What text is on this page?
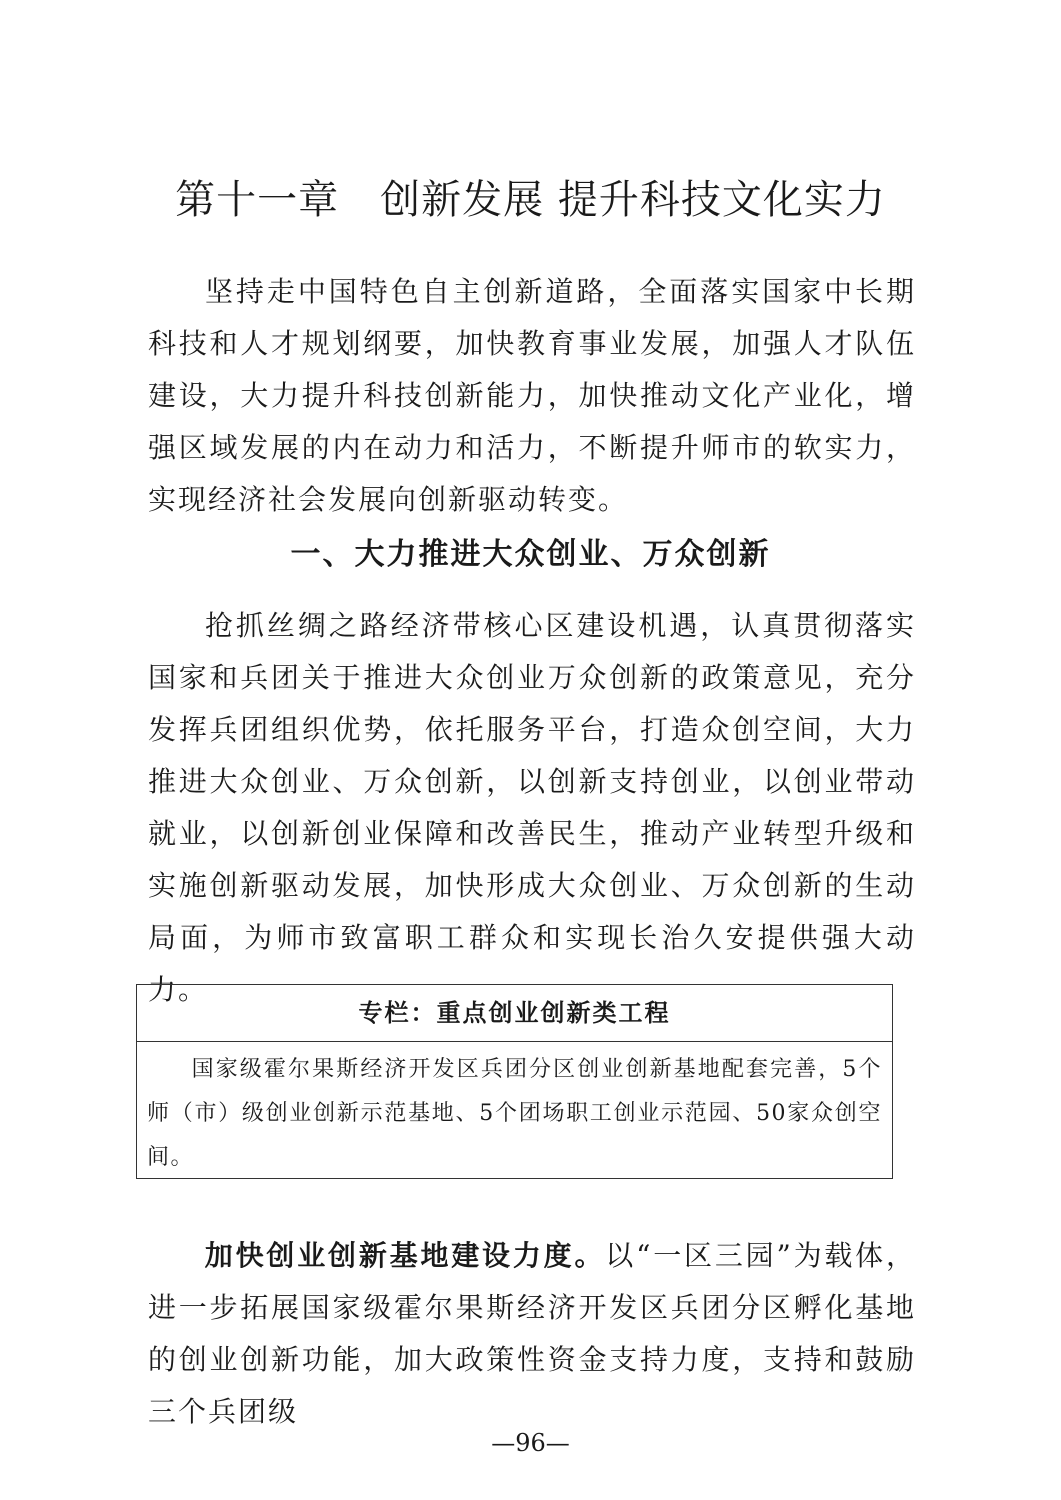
第十一章　创新发展 提升科技文化实力

坚持走中国特色自主创新道路，全面落实国家中长期科技和人才规划纲要，加快教育事业发展，加强人才队伍建设，大力提升科技创新能力，加快推动文化产业化，增强区域发展的内在动力和活力，不断提升师市的软实力，实现经济社会发展向创新驱动转变。

一、大力推进大众创业、万众创新

抢抓丝绸之路经济带核心区建设机遇，认真贯彻落实国家和兵团关于推进大众创业万众创新的政策意见，充分发挥兵团组织优势，依托服务平台，打造众创空间，大力推进大众创业、万众创新，以创新支持创业，以创业带动就业，以创新创业保障和改善民生，推动产业转型升级和实施创新驱动发展，加快形成大众创业、万众创新的生动局面，为师市致富职工群众和实现长治久安提供强大动力。

专栏：重点创业创新类工程
国家级霍尔果斯经济开发区兵团分区创业创新基地配套完善，5个师（市）级创业创新示范基地、5个团场职工创业示范园、50家众创空间。

加快创业创新基地建设力度。以“一区三园”为载体，进一步拓展国家级霍尔果斯经济开发区兵团分区孵化基地的创业创新功能，加大政策性资金支持力度，支持和鼓励三个兵团级

—96—
